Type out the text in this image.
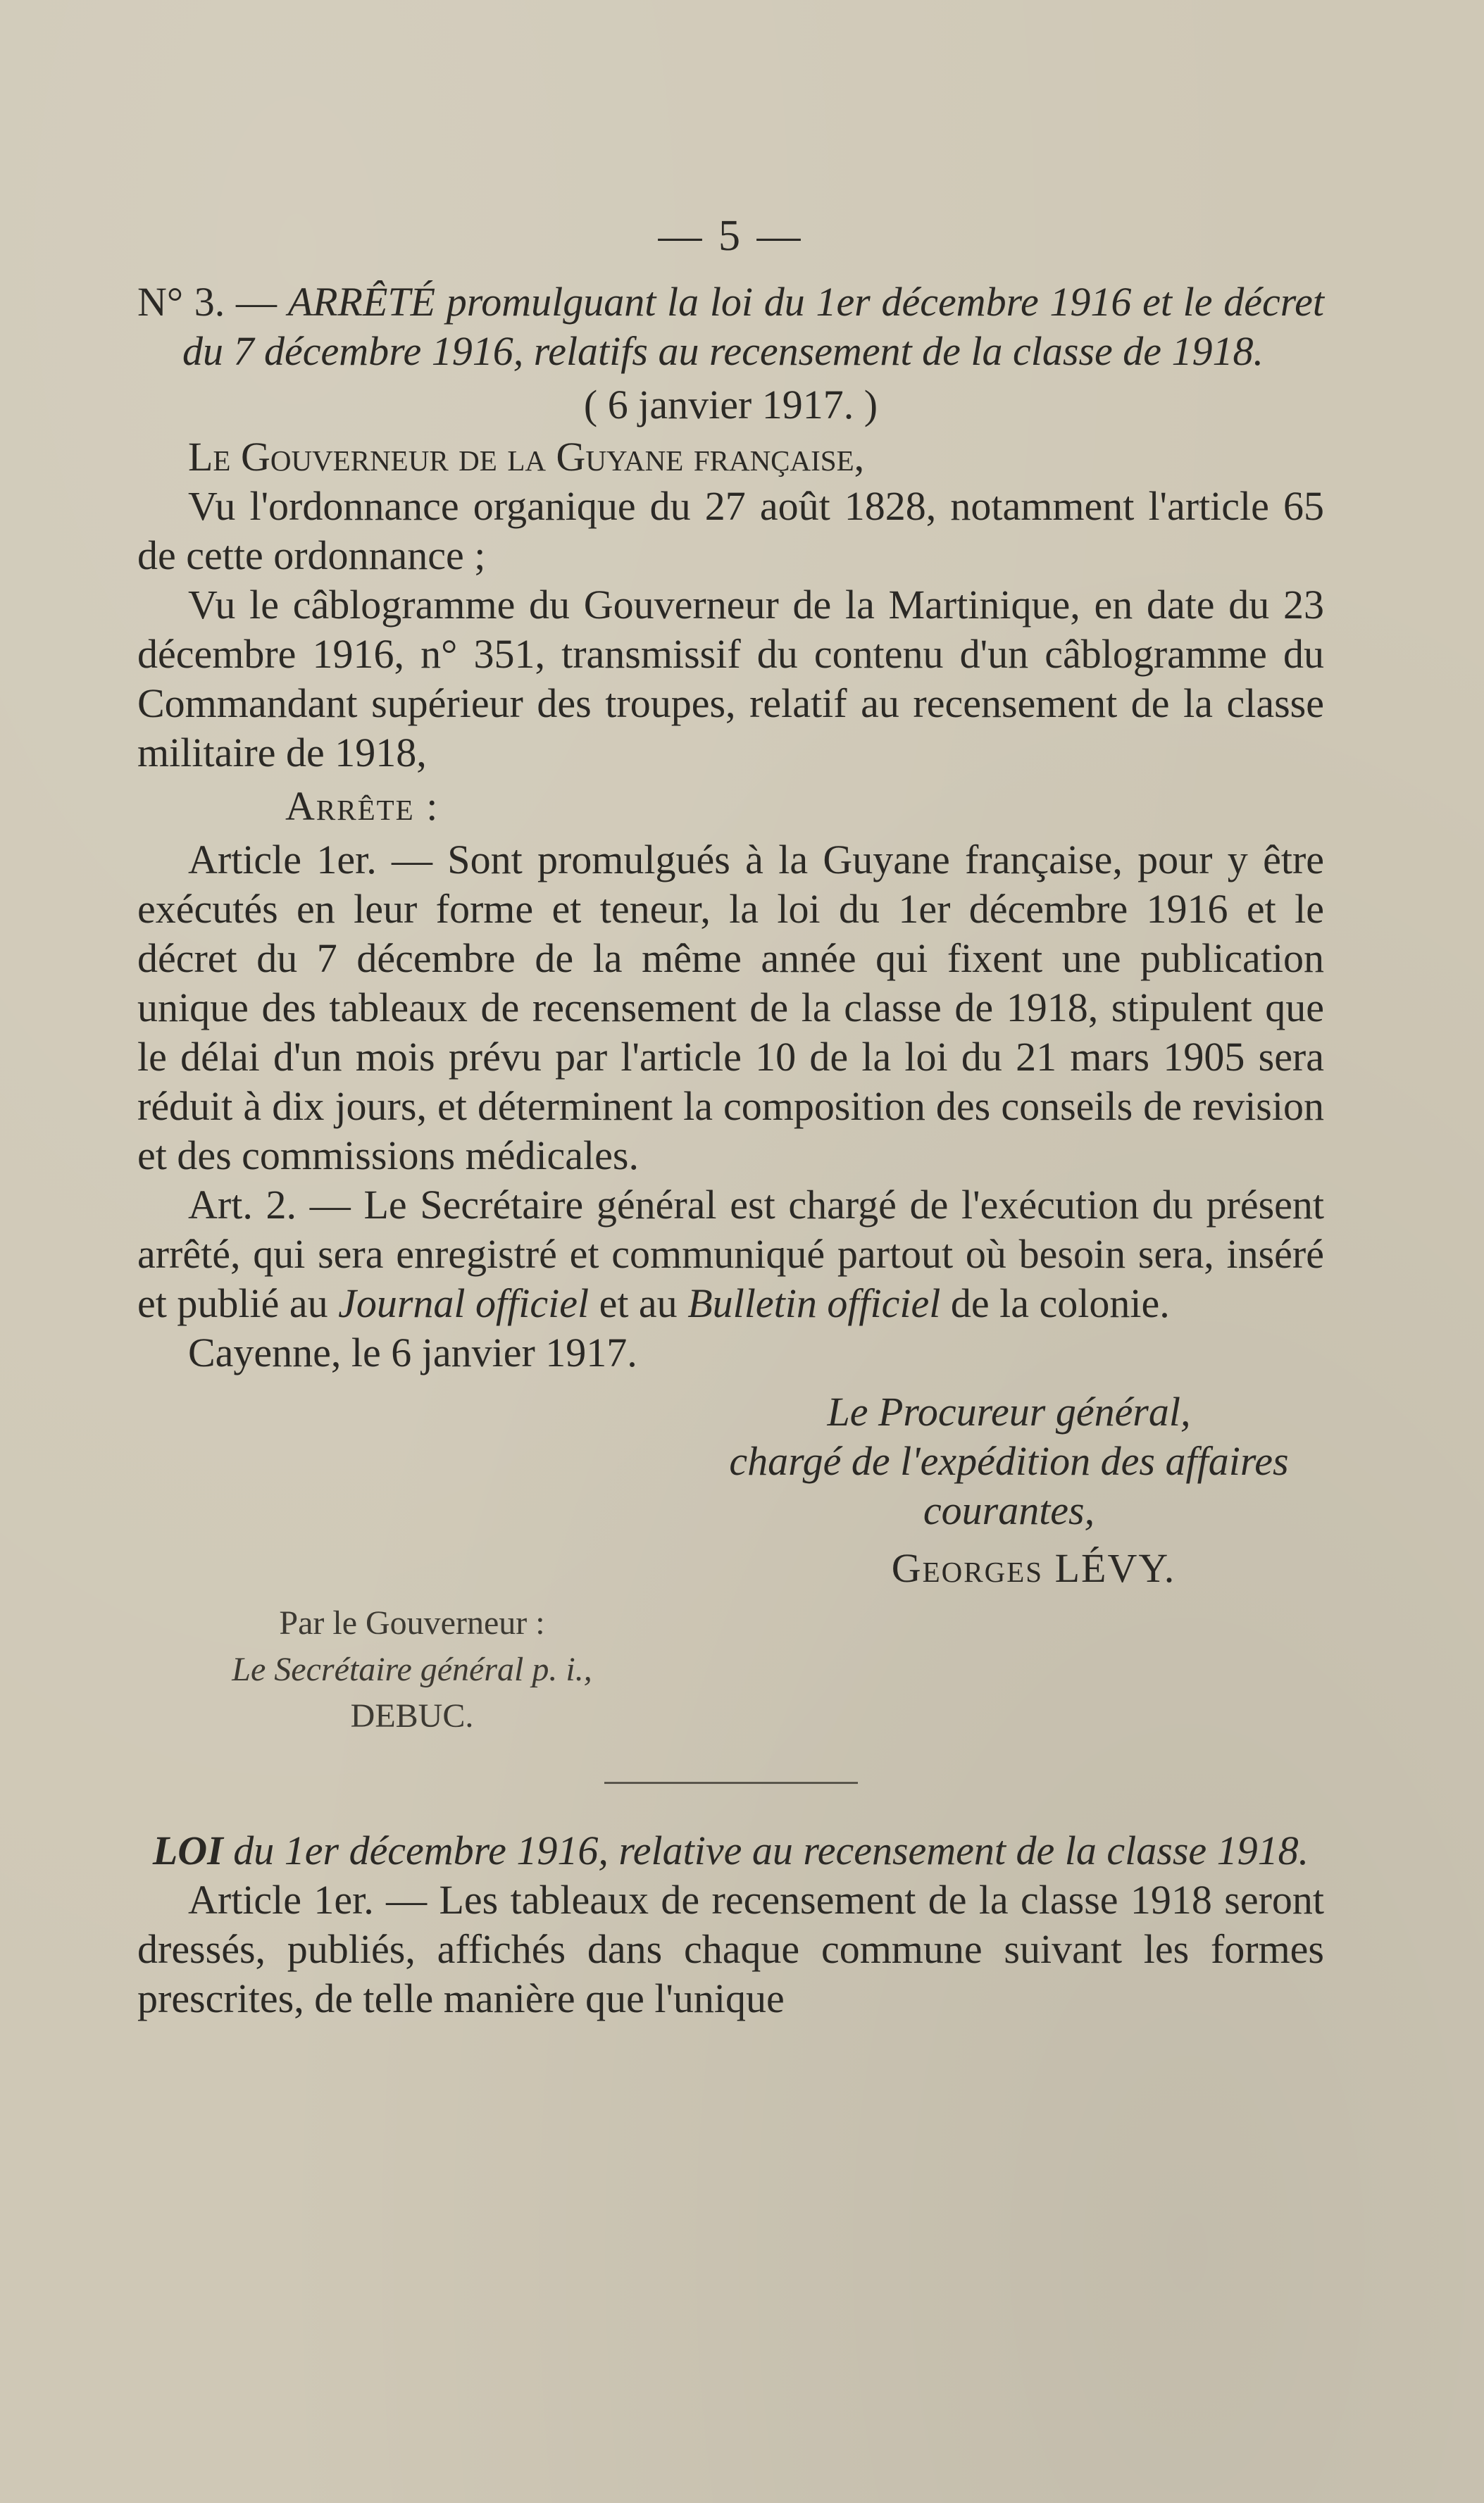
— 5 —

N° 3. — ARRÊTÉ promulguant la loi du 1er décembre 1916 et le décret du 7 décembre 1916, relatifs au recensement de la classe de 1918.

( 6 janvier 1917. )

Le Gouverneur de la Guyane française,

Vu l'ordonnance organique du 27 août 1828, notamment l'article 65 de cette ordonnance ;

Vu le câblogramme du Gouverneur de la Martinique, en date du 23 décembre 1916, n° 351, transmissif du contenu d'un câblogramme du Commandant supérieur des troupes, relatif au recensement de la classe militaire de 1918,

Arrête :

Article 1er. — Sont promulgués à la Guyane française, pour y être exécutés en leur forme et teneur, la loi du 1er décembre 1916 et le décret du 7 décembre de la même année qui fixent une publication unique des tableaux de recensement de la classe de 1918, stipulent que le délai d'un mois prévu par l'article 10 de la loi du 21 mars 1905 sera réduit à dix jours, et déterminent la composition des conseils de revision et des commissions médicales.

Art. 2. — Le Secrétaire général est chargé de l'exécution du présent arrêté, qui sera enregistré et communiqué partout où besoin sera, inséré et publié au Journal officiel et au Bulletin officiel de la colonie.

Cayenne, le 6 janvier 1917.

Le Procureur général,
chargé de l'expédition des affaires courantes,
Georges LÉVY.
Par le Gouverneur :
Le Secrétaire général p. i.,
DEBUC.

LOI du 1er décembre 1916, relative au recensement de la classe 1918.

Article 1er. — Les tableaux de recensement de la classe 1918 seront dressés, publiés, affichés dans chaque commune suivant les formes prescrites, de telle manière que l'unique
